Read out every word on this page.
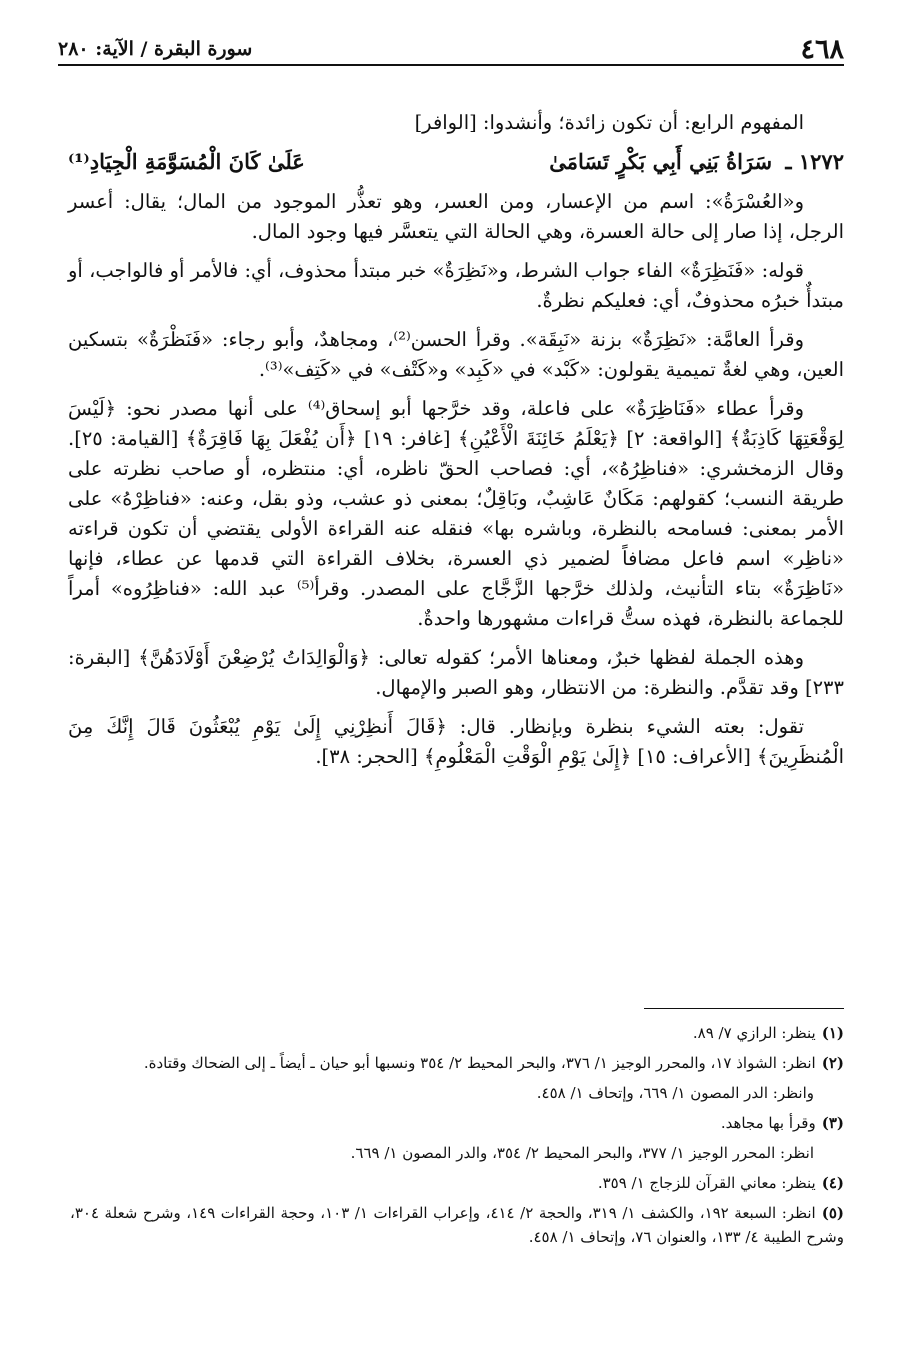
٤٦٨
سورة البقرة / الآية: ٢٨٠

المفهوم الرابع: أن تكون زائدة؛ وأنشدوا: [الوافر]

١٢٧٢ ـ سَرَاةُ بَنِي أَبِي بَكْرٍ تَسَامَىٰ
عَلَىٰ كَانَ الْمُسَوَّمَةِ الْجِيَادِ⁽¹⁾

و«العُسْرَةُ»: اسم من الإعسار، ومن العسر، وهو تعذُّر الموجود من المال؛ يقال: أعسر الرجل، إذا صار إلى حالة العسرة، وهي الحالة التي يتعسَّر فيها وجود المال.

قوله: «فَنَظِرَةٌ» الفاء جواب الشرط، و«نَظِرَةٌ» خبر مبتدأ محذوف، أي: فالأمر أو فالواجب، أو مبتدأٌ خبرُه محذوفٌ، أي: فعليكم نظرةٌ.

وقرأ العامَّة: «نَظِرَةٌ» بزنة «نَبِقَة». وقرأ الحسن⁽²⁾، ومجاهدٌ، وأبو رجاء: «فَنَظْرَةٌ» بتسكين العين، وهي لغةٌ تميمية يقولون: «كَبْد» في «كَبِد» و«كَتْف» في «كَتِف»⁽³⁾.

وقرأ عطاء «فَنَاظِرَةٌ» على فاعلة، وقد خرَّجها أبو إسحاق⁽⁴⁾ على أنها مصدر نحو: ﴿لَيْسَ لِوَقْعَتِهَا كَاذِبَةٌ﴾ [الواقعة: ٢] ﴿يَعْلَمُ خَائِنَةَ الْأَعْيُنِ﴾ [غافر: ١٩] ﴿أَن يُفْعَلَ بِهَا فَاقِرَةٌ﴾ [القيامة: ٢٥]. وقال الزمخشري: «فناظِرُهُ»، أي: فصاحب الحقّ ناظره، أي: منتظره، أو صاحب نظرته على طريقة النسب؛ كقولهم: مَكَانٌ عَاشِبٌ، وبَاقِلٌ؛ بمعنى ذو عشب، وذو بقل، وعنه: «فناظِرْهُ» على الأمر بمعنى: فسامحه بالنظرة، وباشره بها» فنقله عنه القراءة الأولى يقتضي أن تكون قراءته «ناظِر» اسم فاعل مضافاً لضمير ذي العسرة، بخلاف القراءة التي قدمها عن عطاء، فإنها «نَاظِرَةٌ» بتاء التأنيث، ولذلك خرَّجها الزَّجَّاج على المصدر. وقرأ⁽⁵⁾ عبد الله: «فناظِرُوه» أمراً للجماعة بالنظرة، فهذه ستُّ قراءات مشهورها واحدةٌ.

وهذه الجملة لفظها خبرٌ، ومعناها الأمر؛ كقوله تعالى: ﴿وَالْوَالِدَاتُ يُرْضِعْنَ أَوْلَادَهُنَّ﴾ [البقرة: ٢٣٣] وقد تقدَّم. والنظرة: من الانتظار، وهو الصبر والإمهال.

تقول: بعته الشيء بنظرة وبإنظار. قال: ﴿قَالَ أَنظِرْنِي إِلَىٰ يَوْمِ يُبْعَثُونَ قَالَ إِنَّكَ مِنَ الْمُنظَرِينَ﴾ [الأعراف: ١٥] ﴿إِلَىٰ يَوْمِ الْوَقْتِ الْمَعْلُومِ﴾ [الحجر: ٣٨].

(١)ينظر: الرازي ٧/ ٨٩.
(٢)انظر: الشواذ ١٧، والمحرر الوجيز ١/ ٣٧٦، والبحر المحيط ٢/ ٣٥٤ ونسبها أبو حيان ـ أيضاً ـ إلى الضحاك وقتادة.
وانظر: الدر المصون ١/ ٦٦٩، وإتحاف ١/ ٤٥٨.
(٣)وقرأ بها مجاهد.
انظر: المحرر الوجيز ١/ ٣٧٧، والبحر المحيط ٢/ ٣٥٤، والدر المصون ١/ ٦٦٩.
(٤)ينظر: معاني القرآن للزجاج ١/ ٣٥٩.
(٥)انظر: السبعة ١٩٢، والكشف ١/ ٣١٩، والحجة ٢/ ٤١٤، وإعراب القراءات ١/ ١٠٣، وحجة القراءات ١٤٩، وشرح شعلة ٣٠٤، وشرح الطيبة ٤/ ١٣٣، والعنوان ٧٦، وإتحاف ١/ ٤٥٨.
